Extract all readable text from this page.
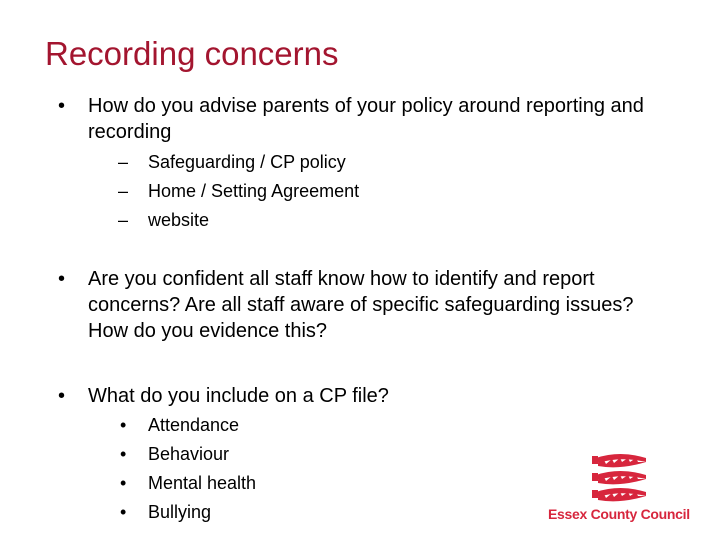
Recording concerns
•	How do you advise parents of your policy around reporting and recording
– Safeguarding / CP policy
– Home / Setting Agreement
– website
•	Are you confident all staff know how to identify and report concerns? Are all staff aware of specific safeguarding issues? How do you evidence this?
•	What do you include on a CP file?
• Attendance
• Behaviour
• Mental health
• Bullying	Essex County Council
